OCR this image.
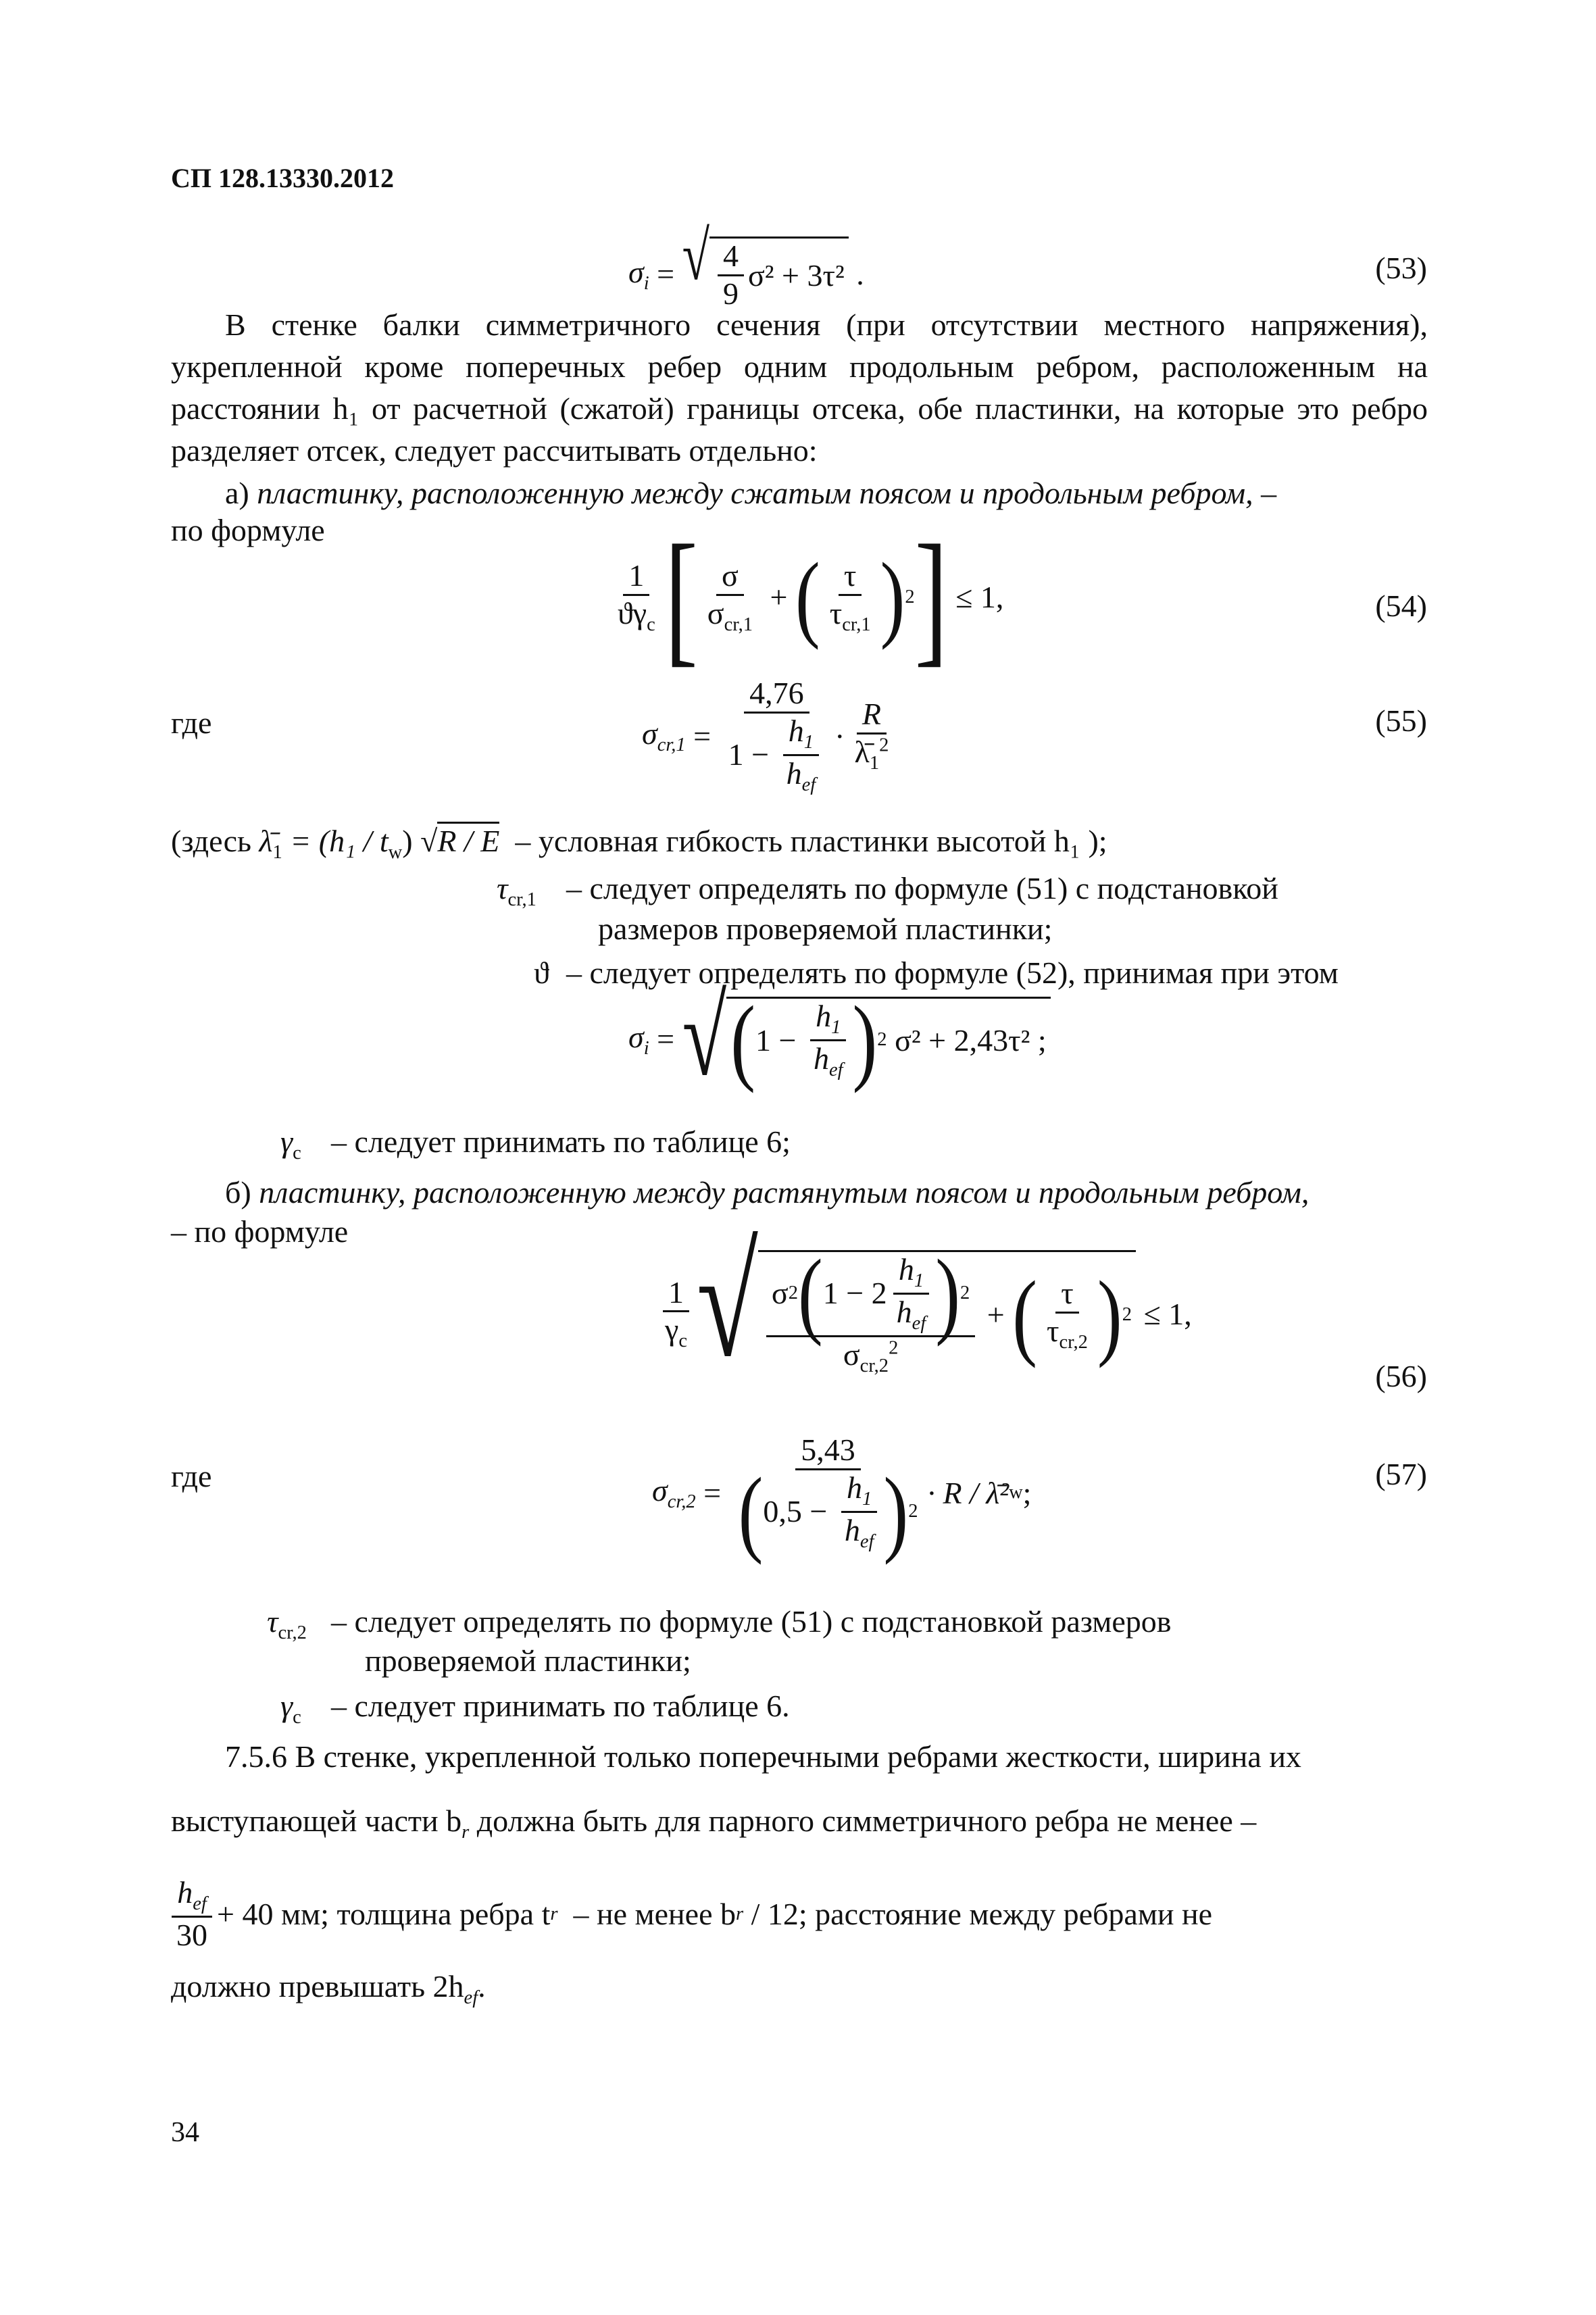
СП 128.13330.2012
$\sigma_i$ = √ $\frac{4}{9} \sigma^2 + 3\tau^2$ .	(53)
В стенке балки симметричного сечения (при отсутствии местного напряжения), укрепленной кроме поперечных ребер одним продольным ребром, расположенным на расстоянии h₁ от расчетной (сжатой) границы отсека, обе пластинки, на которые это ребро разделяет отсек, следует рассчитывать отдельно:
а) пластинку, расположенную между сжатым поясом и продольным ребром, –
по формуле
$\frac{1}{ϑ\gamma_c}$ [ $\frac{\sigma}{\sigma_{cr,1}}$ + ( $\frac{\tau}{\tau_{cr,1}}$ ) 2 ]
≤ 1,	(54)
где	$\sigma_{cr,1} = \frac{4,76}{1 - \frac{h_1}{h_{ef}}} \cdot \frac{R}{\lambdā_1^2}$	(55)
(здесь $\lambdā_1 = (h_1 / t_w)$ √R / E – условная гибкость пластинки высотой h₁ );
$\tau_{cr,1}$ – следует определять по формуле (51) с подстановкой
размеров проверяемой пластинки;
ϑ – следует определять по формуле (52), принимая при этом
$\sigma_i$ = √ ( $1 - \frac{h_1}{h_{ef}}$ ) 2
σ² + 2,43τ² ;
$\gamma_c$ – следует принимать по таблице 6;
б) пластинку, расположенную между растянутым поясом и продольным ребром,
– по формуле
$\frac{1}{\gamma_c}$ √ $\frac{\sigma 2 ( 1 - 2 \frac{h_1}{h_{ef}} ) 2}{\sigma_{cr,2}^2}$ + ( $\frac{\tau}{\tau_{cr,2}}$ ) 2
≤ 1,
(56)
где	$\sigma_{cr,2} = \frac{5,43}{( 0,5 - \frac{h_1}{h_{ef}} ) 2} \cdot R$ / λ̄² w ;
(57)
$\tau_{cr,2}$ – следует определять по формуле (51) с подстановкой размеров
проверяемой пластинки;
$\gamma_c$ – следует принимать по таблице 6.
7.5.6 В стенке, укрепленной только поперечными ребрами жесткости, ширина их
выступающей части $b_r$ должна быть для парного симметричного ребра не менее –
$\frac{h_{ef}}{30} + 40$ мм; толщина ребра t r
– не менее b r
/ 12; расстояние между ребрами не
должно превышать $2h_{ef}$.
34
